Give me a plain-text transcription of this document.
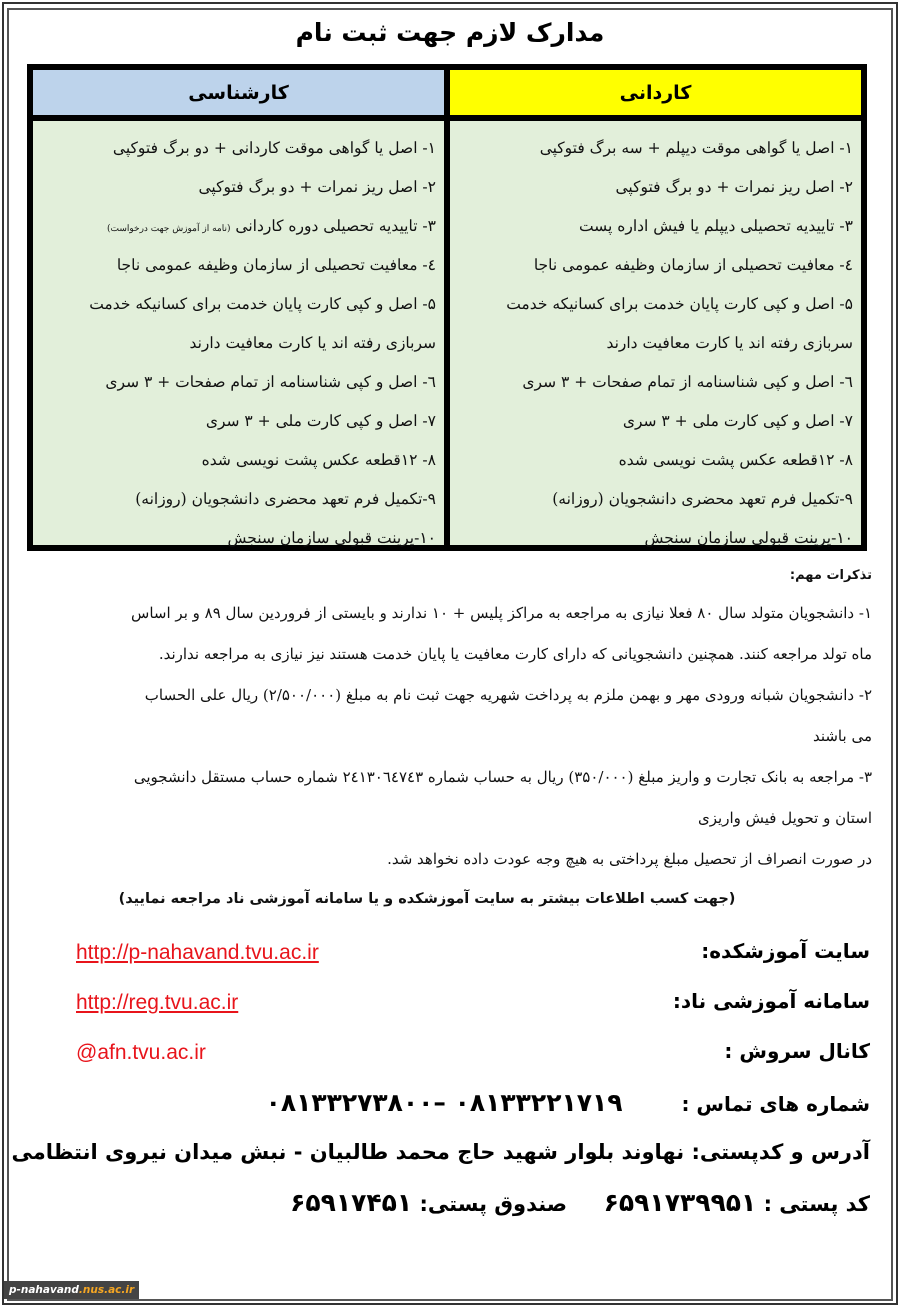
مدارک لازم جهت ثبت نام
کاردانی
۱- اصل یا گواهی موقت دیپلم + سه برگ فتوکپی
۲- اصل ریز نمرات + دو برگ فتوکپی
۳- تاییدیه تحصیلی دیپلم یا فیش اداره پست
٤- معافیت تحصیلی از سازمان وظیفه عمومی ناجا
۵- اصل و کپی کارت پایان خدمت برای کسانیکه خدمت
سربازی رفته اند یا کارت معافیت دارند
٦- اصل و کپی شناسنامه از تمام صفحات + ۳ سری
۷- اصل و کپی کارت ملی + ۳ سری
۸- ۱۲قطعه عکس پشت نویسی شده
۹-تکمیل فرم تعهد محضری دانشجویان (روزانه)
۱۰-پرینت قبولی سازمان سنجش
کارشناسی
۱- اصل یا گواهی موقت کاردانی + دو برگ فتوکپی
۲- اصل ریز نمرات + دو برگ فتوکپی
۳- تاییدیه تحصیلی دوره کاردانی (نامه از آموزش جهت درخواست)
٤- معافیت تحصیلی از سازمان وظیفه عمومی ناجا
۵- اصل و کپی کارت پایان خدمت برای کسانیکه خدمت
سربازی رفته اند یا کارت معافیت دارند
٦- اصل و کپی شناسنامه از تمام صفحات + ۳ سری
۷- اصل و کپی کارت ملی + ۳ سری
۸- ۱۲قطعه عکس پشت نویسی شده
۹-تکمیل فرم تعهد محضری دانشجویان (روزانه)
۱۰-پرینت قبولی سازمان سنجش
تذکرات مهم:
۱- دانشجویان متولد سال ۸۰ فعلا نیازی به مراجعه به مراکز پلیس + ۱۰ ندارند و بایستی از فروردین سال ۸۹ و بر اساس
ماه تولد مراجعه کنند. همچنین دانشجویانی که دارای کارت معافیت یا پایان خدمت هستند نیز نیازی به مراجعه ندارند.
۲- دانشجویان شبانه ورودی مهر و بهمن ملزم به پرداخت شهریه جهت ثبت نام به مبلغ (۲/۵۰۰/۰۰۰) ریال علی الحساب
می باشند
۳- مراجعه به بانک تجارت و واریز مبلغ (۳۵۰/۰۰۰) ریال به حساب شماره ۲٤۱۳۰٦٤۷٤۳ شماره حساب مستقل دانشجویی
استان و تحویل فیش واریزی
در صورت انصراف از تحصیل مبلغ پرداختی به هیچ وجه عودت داده نخواهد شد.
(جهت کسب اطلاعات بیشتر به سایت آموزشکده و یا سامانه آموزشی ناد مراجعه نمایید)
سایت آموزشکده:
http://p-nahavand.tvu.ac.ir
سامانه آموزشی ناد:
http://reg.tvu.ac.ir
کانال سروش :
@afn.tvu.ac.ir
شماره های تماس : ۰۸۱۳۳۲۲۱۷۱۹ –۰۸۱۳۳۲۷۳۸۰۰
آدرس و کدپستی: نهاوند بلوار شهید حاج محمد طالبیان - نبش میدان نیروی انتظامی
کد پستی : ۶۵۹۱۷۳۹۹۵۱     صندوق پستی: ۶۵۹۱۷۴۵۱
p-nahavand.nus.ac.ir
